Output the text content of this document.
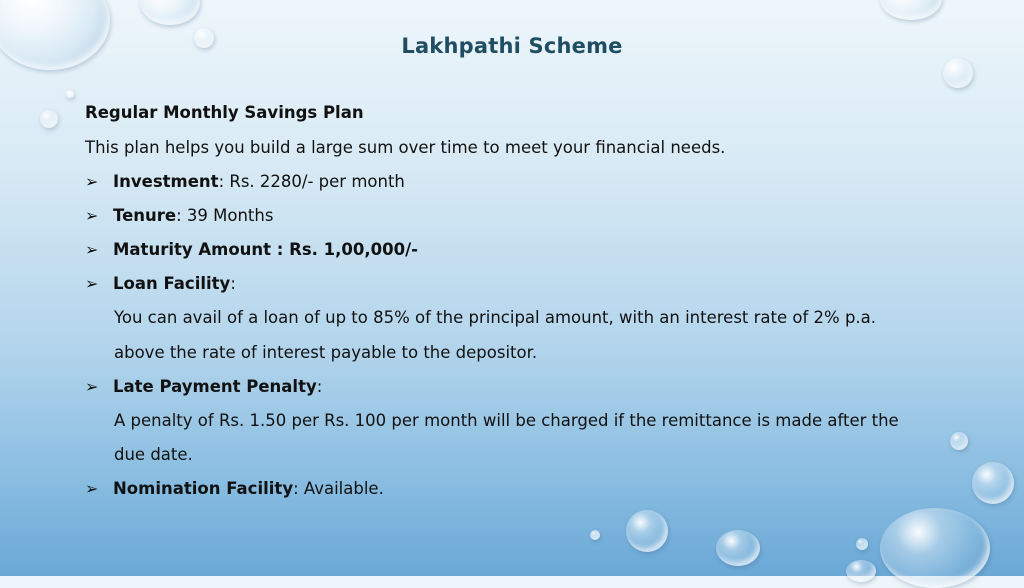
Lakhpathi Scheme
Regular Monthly Savings Plan
This plan helps you build a large sum over time to meet your financial needs.
➢ Investment: Rs. 2280/- per month
➢ Tenure: 39 Months
➢ Maturity Amount : Rs. 1,00,000/-
➢ Loan Facility:
You can avail of a loan of up to 85% of the principal amount, with an interest rate of 2% p.a.
above the rate of interest payable to the depositor.
➢ Late Payment Penalty:
A penalty of Rs. 1.50 per Rs. 100 per month will be charged if the remittance is made after the
due date.
➢ Nomination Facility: Available.
